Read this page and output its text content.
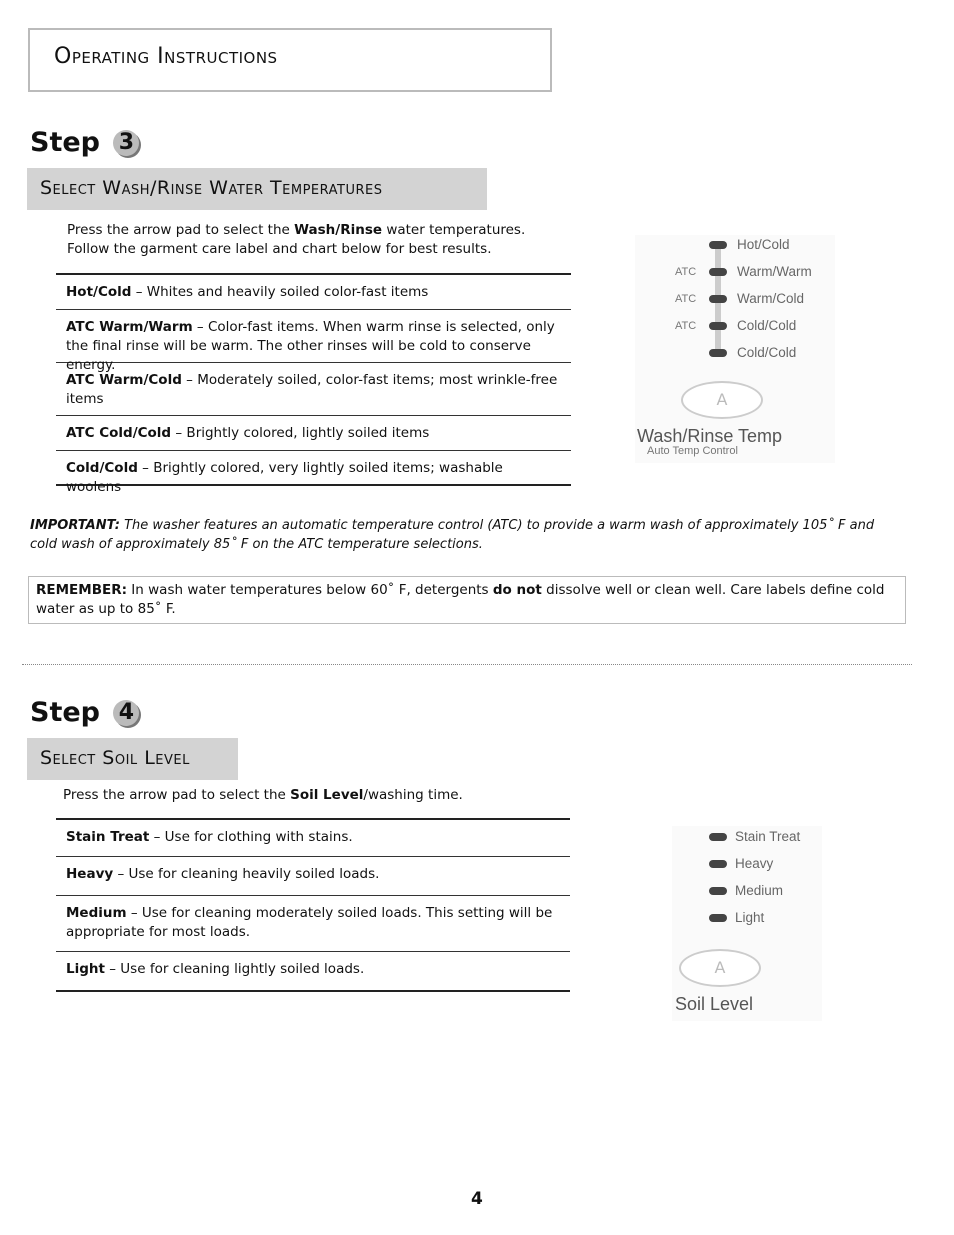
Operating Instructions
Step 3
Select Wash/Rinse Water Temperatures
Press the arrow pad to select the Wash/Rinse water temperatures. Follow the garment care label and chart below for best results.
Hot/Cold – Whites and heavily soiled color-fast items
ATC Warm/Warm – Color-fast items. When warm rinse is selected, only the final rinse will be warm. The other rinses will be cold to conserve energy.
ATC Warm/Cold – Moderately soiled, color-fast items; most wrinkle-free items
ATC Cold/Cold – Brightly colored, lightly soiled items
Cold/Cold – Brightly colored, very lightly soiled items; washable woolens
Hot/Cold
Warm/Warm
Warm/Cold
Cold/Cold
Cold/Cold
ATC
ATC
ATC
A
Wash/Rinse Temp
Auto Temp Control
IMPORTANT: The washer features an automatic temperature control (ATC) to provide a warm wash of approximately 105˚ F and cold wash of approximately 85˚ F on the ATC temperature selections.
REMEMBER: In wash water temperatures below 60˚ F, detergents do not dissolve well or clean well. Care labels define cold water as up to 85˚ F.
Step 4
Select Soil Level
Press the arrow pad to select the Soil Level/washing time.
Stain Treat – Use for clothing with stains.
Heavy – Use for cleaning heavily soiled loads.
Medium – Use for cleaning moderately soiled loads. This setting will be appropriate for most loads.
Light – Use for cleaning lightly soiled loads.
Stain Treat
Heavy
Medium
Light
A
Soil Level
4
